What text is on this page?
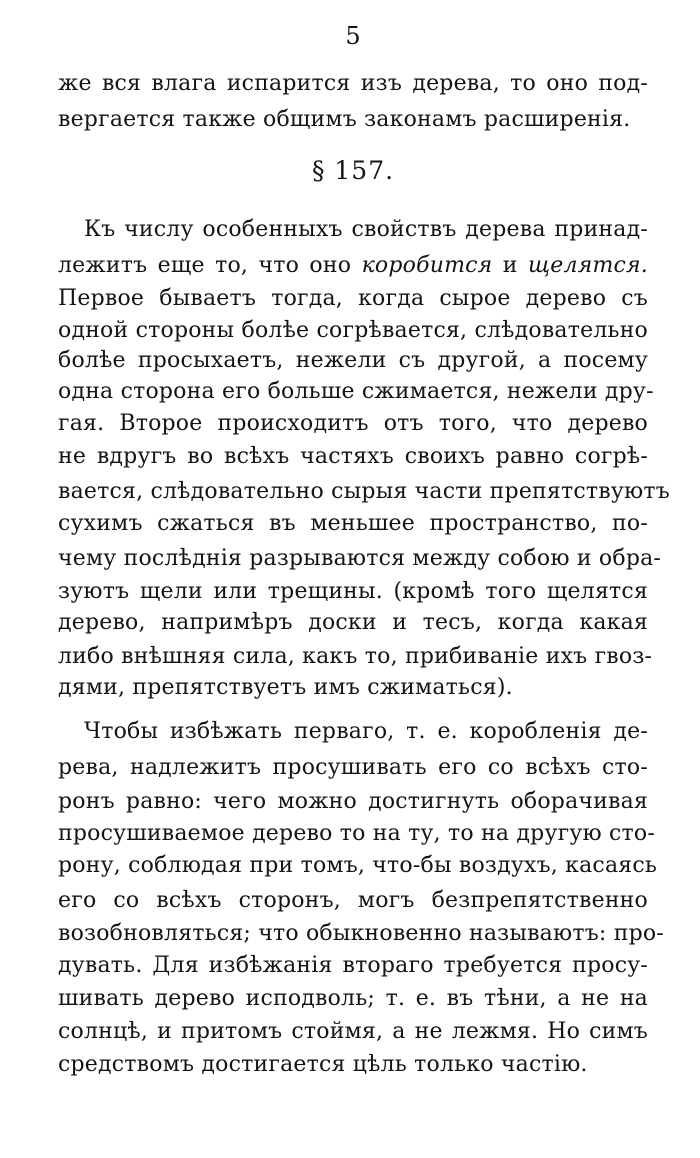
5
же вся влага испарится изъ дерева, то оно под-
вергается также общимъ законамъ расширенія.
§ 157.
Къ числу особенныхъ свойствъ дерева принад-
лежитъ еще то, что оно коробится и щелятся.
Первое бываетъ тогда, когда сырое дерево съ
одной стороны болѣе согрѣвается, слѣдовательно
болѣе просыхаетъ, нежели съ другой, а посему
одна сторона его больше сжимается, нежели дру-
гая. Второе происходитъ отъ того, что дерево
не вдругъ во всѣхъ частяхъ своихъ равно согрѣ-
вается, слѣдовательно сырыя части препятствуютъ
сухимъ сжаться въ меньшее пространство, по-
чему послѣднія разрываются между собою и обра-
зуютъ щели или трещины. (кромѣ того щелятся
дерево, напримѣръ доски и тесъ, когда какая
либо внѣшняя сила, какъ то, прибиваніе ихъ гвоз-
дями, препятствуетъ имъ сжиматься).
Чтобы избѣжать перваго, т. е. коробленія де-
рева, надлежитъ просушивать его со всѣхъ сто-
ронъ равно: чего можно достигнуть оборачивая
просушиваемое дерево то на ту, то на другую сто-
рону, соблюдая при томъ, что-бы воздухъ, касаясь
его со всѣхъ сторонъ, могъ безпрепятственно
возобновляться; что обыкновенно называютъ: про-
дувать. Для избѣжанія втораго требуется просу-
шивать дерево исподволь; т. е. въ тѣни, а не на
солнцѣ, и притомъ стоймя, а не лежмя. Но симъ
средствомъ достигается цѣль только частію.
